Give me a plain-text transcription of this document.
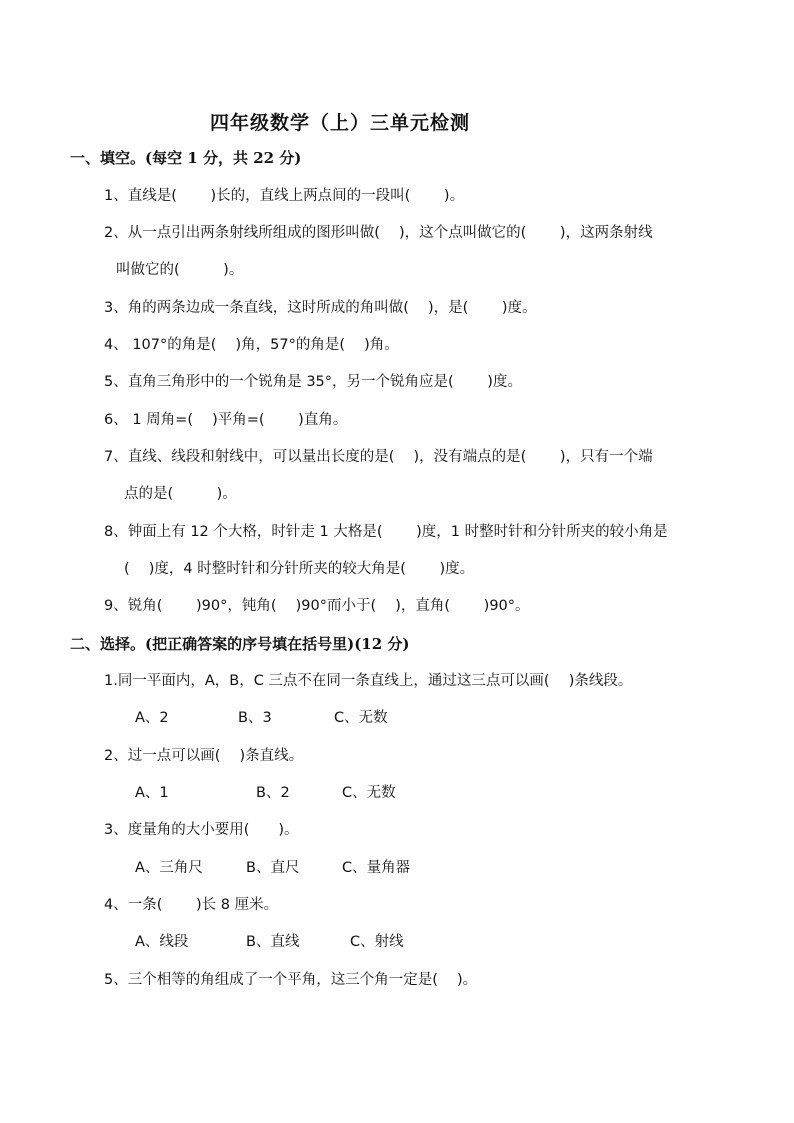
四年级数学（上）三单元检测
一、填空。(每空 1 分，共 22 分)
1、直线是(　　 )长的，直线上两点间的一段叫(　　 )。
2、从一点引出两条射线所组成的图形叫做(　 )，这个点叫做它的(　　 )，这两条射线
叫做它的(　　　)。
3、角的两条边成一条直线，这时所成的角叫做(　 )，是(　　 )度。
4、 107°的角是(　 )角，57°的角是(　 )角。
5、直角三角形中的一个锐角是 35°，另一个锐角应是(　　 )度。
6、 1 周角=(　 )平角=(　　 )直角。
7、直线、线段和射线中，可以量出长度的是(　 )，没有端点的是(　　 )，只有一个端
点的是(　　　)。
8、钟面上有 12 个大格，时针走 1 大格是(　　 )度，1 时整时针和分针所夹的较小角是
(　 )度，4 时整时针和分针所夹的较大角是(　　 )度。
9、锐角(　　 )90°，钝角(　 )90°而小于(　 )，直角(　　 )90°。
二、选择。(把正确答案的序号填在括号里)(12 分)
1.同一平面内，A，B，C 三点不在同一条直线上，通过这三点可以画(　 )条线段。
A、2	B、3	C、无数
2、过一点可以画(　 )条直线。
A、1	B、2	C、无数
3、度量角的大小要用(　　)。
A、三角尺	B、直尺	C、量角器
4、一条(　　 )长 8 厘米。
A、线段	B、直线	C、射线
5、三个相等的角组成了一个平角，这三个角一定是(　 )。
